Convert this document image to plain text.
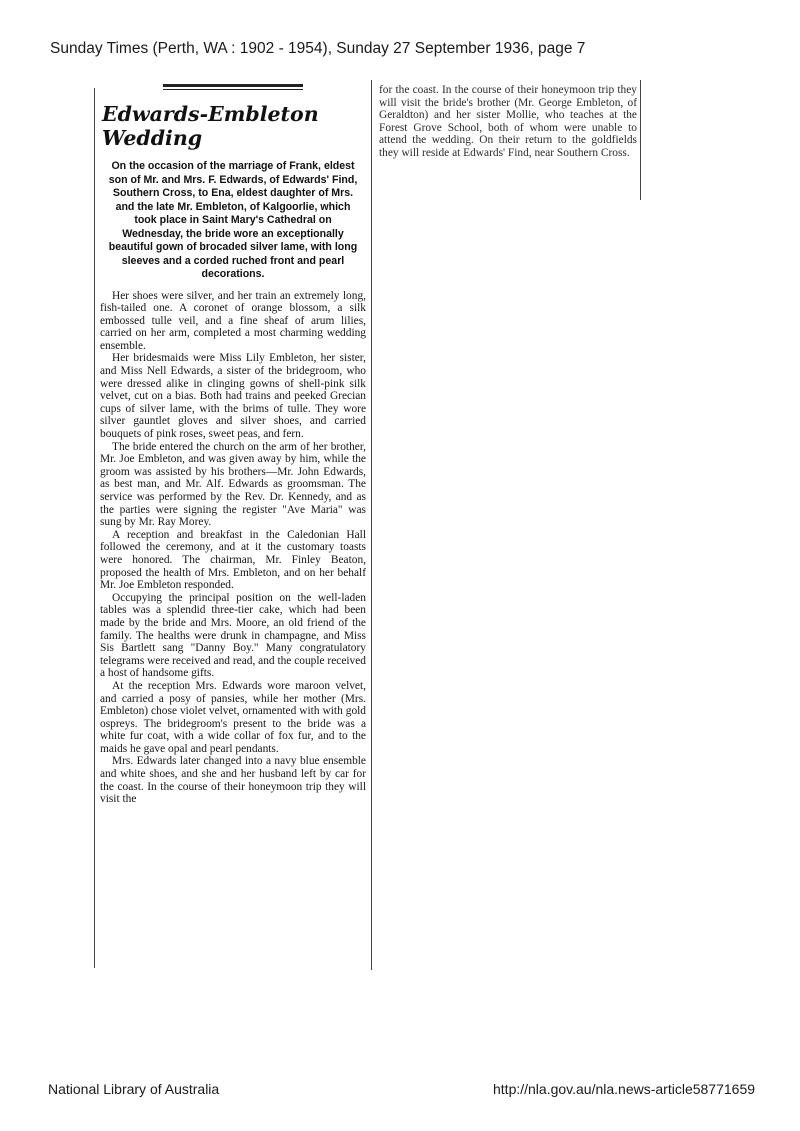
Sunday Times (Perth, WA : 1902 - 1954), Sunday 27 September 1936, page 7
Edwards-Embleton
Wedding
On the occasion of the marriage of Frank, eldest son of Mr. and Mrs. F. Edwards, of Edwards' Find, Southern Cross, to Ena, eldest daughter of Mrs. and the late Mr. Embleton, of Kalgoorlie, which took place in Saint Mary's Cathedral on Wednesday, the bride wore an exceptionally beautiful gown of brocaded silver lame, with long sleeves and a corded ruched front and pearl decorations.

Her shoes were silver, and her train an extremely long, fish-tailed one. A coronet of orange blossom, a silk embossed tulle veil, and a fine sheaf of arum lilies, carried on her arm, completed a most charming wedding ensemble.

Her bridesmaids were Miss Lily Embleton, her sister, and Miss Nell Edwards, a sister of the bridegroom, who were dressed alike in clinging gowns of shell-pink silk velvet, cut on a bias. Both had trains and peeked Grecian cups of silver lame, with the brims of tulle. They wore silver gauntlet gloves and silver shoes, and carried bouquets of pink roses, sweet peas, and fern.

The bride entered the church on the arm of her brother, Mr. Joe Embleton, and was given away by him, while the groom was assisted by his brothers—Mr. John Edwards, as best man, and Mr. Alf. Edwards as groomsman. The service was performed by the Rev. Dr. Kennedy, and as the parties were signing the register "Ave Maria" was sung by Mr. Ray Morey.

A reception and breakfast in the Caledonian Hall followed the ceremony, and at it the customary toasts were honored. The chairman, Mr. Finley Beaton, proposed the health of Mrs. Embleton, and on her behalf Mr. Joe Embleton responded.

Occupying the principal position on the well-laden tables was a splendid three-tier cake, which had been made by the bride and Mrs. Moore, an old friend of the family. The healths were drunk in champagne, and Miss Sis Bartlett sang "Danny Boy." Many congratulatory telegrams were received and read, and the couple received a host of handsome gifts.

At the reception Mrs. Edwards wore maroon velvet, and carried a posy of pansies, while her mother (Mrs. Embleton) chose violet velvet, ornamented with with gold ospreys. The bridegroom's present to the bride was a white fur coat, with a wide collar of fox fur, and to the maids he gave opal and pearl pendants.

Mrs. Edwards later changed into a navy blue ensemble and white shoes, and she and her husband left by car for the coast. In the course of their honeymoon trip they will visit the

for the coast. In the course of their honeymoon trip they will visit the bride's brother (Mr. George Embleton, of Geraldton) and her sister Mollie, who teaches at the Forest Grove School, both of whom were unable to attend the wedding. On their return to the goldfields they will reside at Edwards' Find, near Southern Cross.

National Library of Australia	http://nla.gov.au/nla.news-article58771659
